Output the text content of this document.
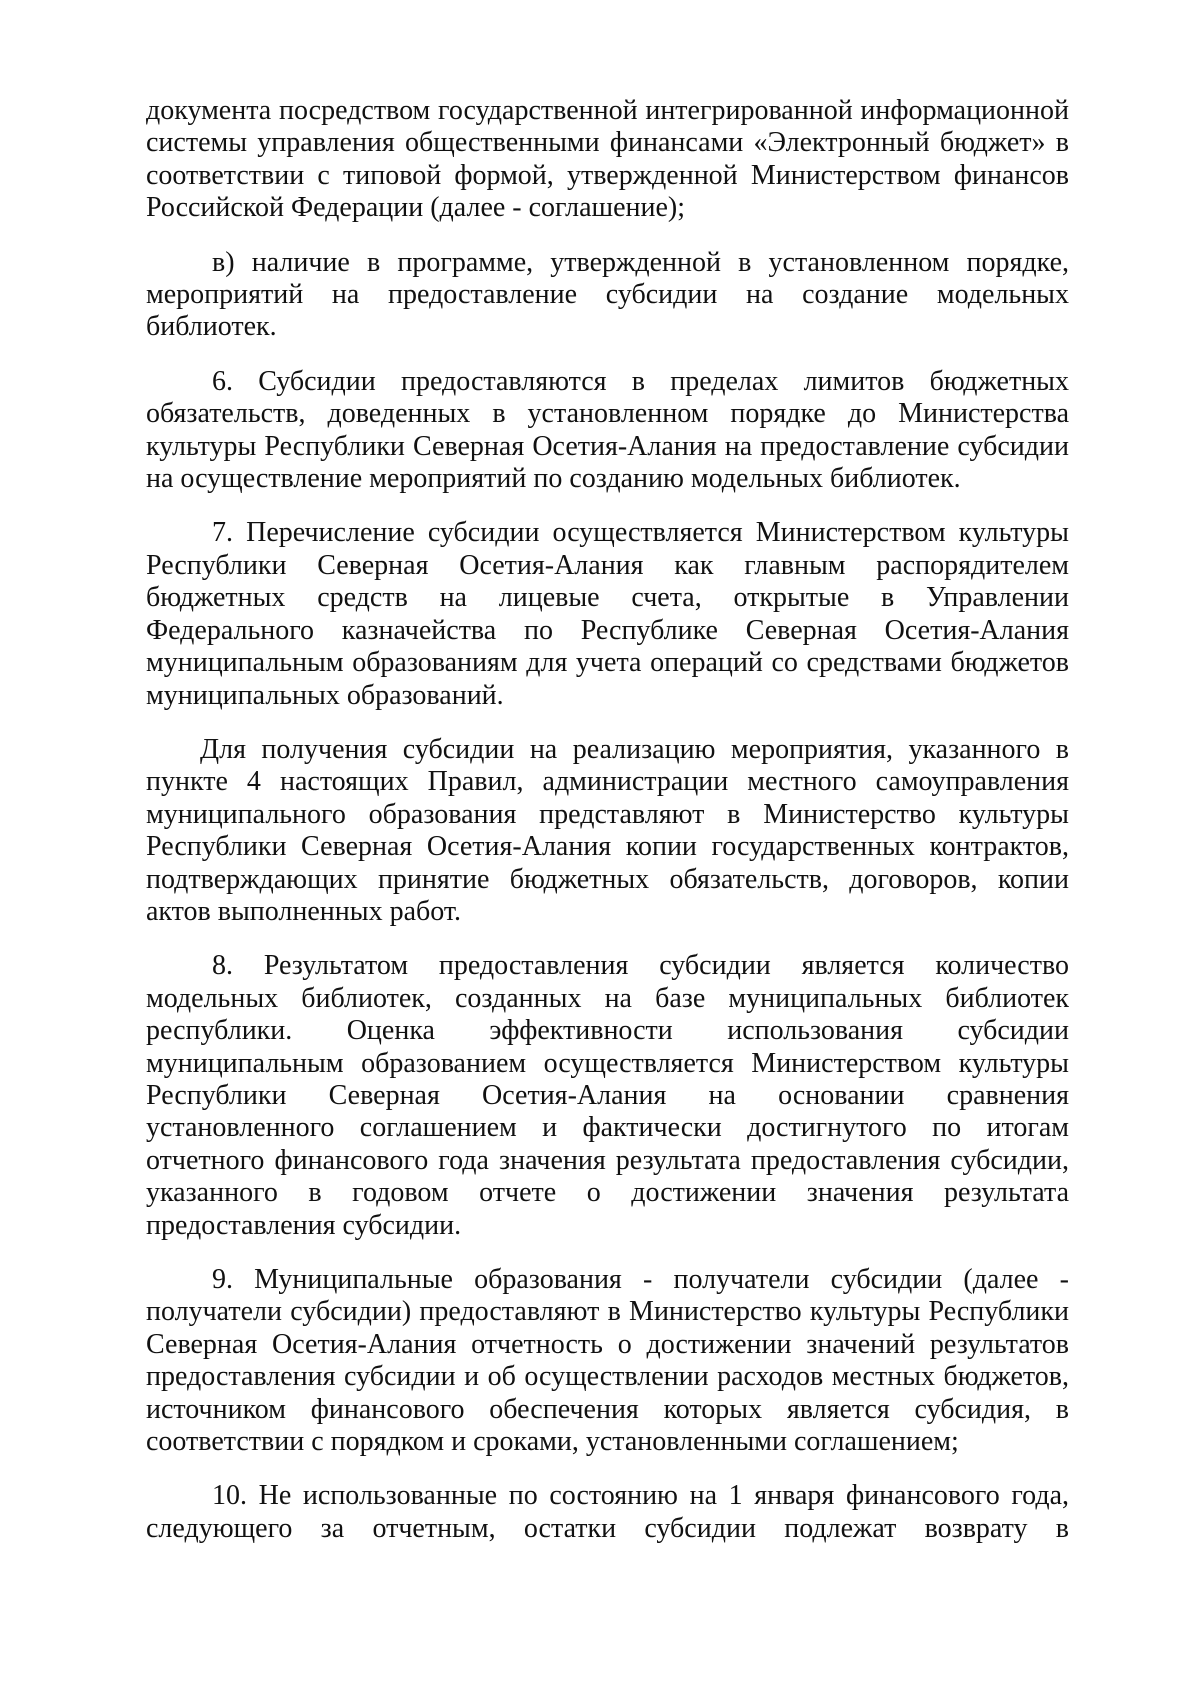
документа посредством государственной интегрированной информационной системы управления общественными финансами «Электронный бюджет» в соответствии с типовой формой, утвержденной Министерством финансов Российской Федерации (далее - соглашение);

в) наличие в программе, утвержденной в установленном порядке, мероприятий на предоставление субсидии на создание модельных библиотек.

6. Субсидии предоставляются в пределах лимитов бюджетных обязательств, доведенных в установленном порядке до Министерства культуры Республики Северная Осетия-Алания на предоставление субсидии на осуществление мероприятий по созданию модельных библиотек.

7. Перечисление субсидии осуществляется Министерством культуры Республики Северная Осетия-Алания как главным распорядителем бюджетных средств на лицевые счета, открытые в Управлении Федерального казначейства по Республике Северная Осетия-Алания муниципальным образованиям для учета операций со средствами бюджетов муниципальных образований.

Для получения субсидии на реализацию мероприятия, указанного в пункте 4 настоящих Правил, администрации местного самоуправления муниципального образования представляют в Министерство культуры Республики Северная Осетия-Алания копии государственных контрактов, подтверждающих принятие бюджетных обязательств, договоров, копии актов выполненных работ.

8. Результатом предоставления субсидии является количество модельных библиотек, созданных на базе муниципальных библиотек республики. Оценка эффективности использования субсидии муниципальным образованием осуществляется Министерством культуры Республики Северная Осетия-Алания на основании сравнения установленного соглашением и фактически достигнутого по итогам отчетного финансового года значения результата предоставления субсидии, указанного в годовом отчете о достижении значения результата предоставления субсидии.

9. Муниципальные образования - получатели субсидии (далее - получатели субсидии) предоставляют в Министерство культуры Республики Северная Осетия-Алания отчетность о достижении значений результатов предоставления субсидии и об осуществлении расходов местных бюджетов, источником финансового обеспечения которых является субсидия, в соответствии с порядком и сроками, установленными соглашением;

10. Не использованные по состоянию на 1 января финансового года, следующего за отчетным, остатки субсидии подлежат возврату в
